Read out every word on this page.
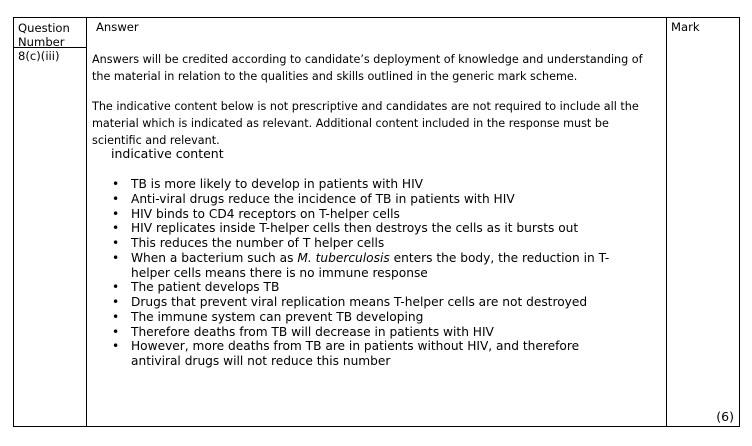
Question Number
Answer	Mark
8(c)(iii)	Answers will be credited according to candidate’s deployment of knowledge and understanding of the material in relation to the qualities and skills outlined in the generic mark scheme.
The indicative content below is not prescriptive and candidates are not required to include all the material which is indicated as relevant. Additional content included in the response must be scientific and relevant.
indicative content
• TB is more likely to develop in patients with HIV
• Anti-viral drugs reduce the incidence of TB in patients with HIV
• HIV binds to CD4 receptors on T-helper cells
• HIV replicates inside T-helper cells then destroys the cells as it bursts out
• This reduces the number of T helper cells
• When a bacterium such as M. tuberculosis enters the body, the reduction in T-helper cells means there is no immune response
• The patient develops TB
• Drugs that prevent viral replication means T-helper cells are not destroyed
• The immune system can prevent TB developing
• Therefore deaths from TB will decrease in patients with HIV
• However, more deaths from TB are in patients without HIV, and therefore antiviral drugs will not reduce this number
(6)
